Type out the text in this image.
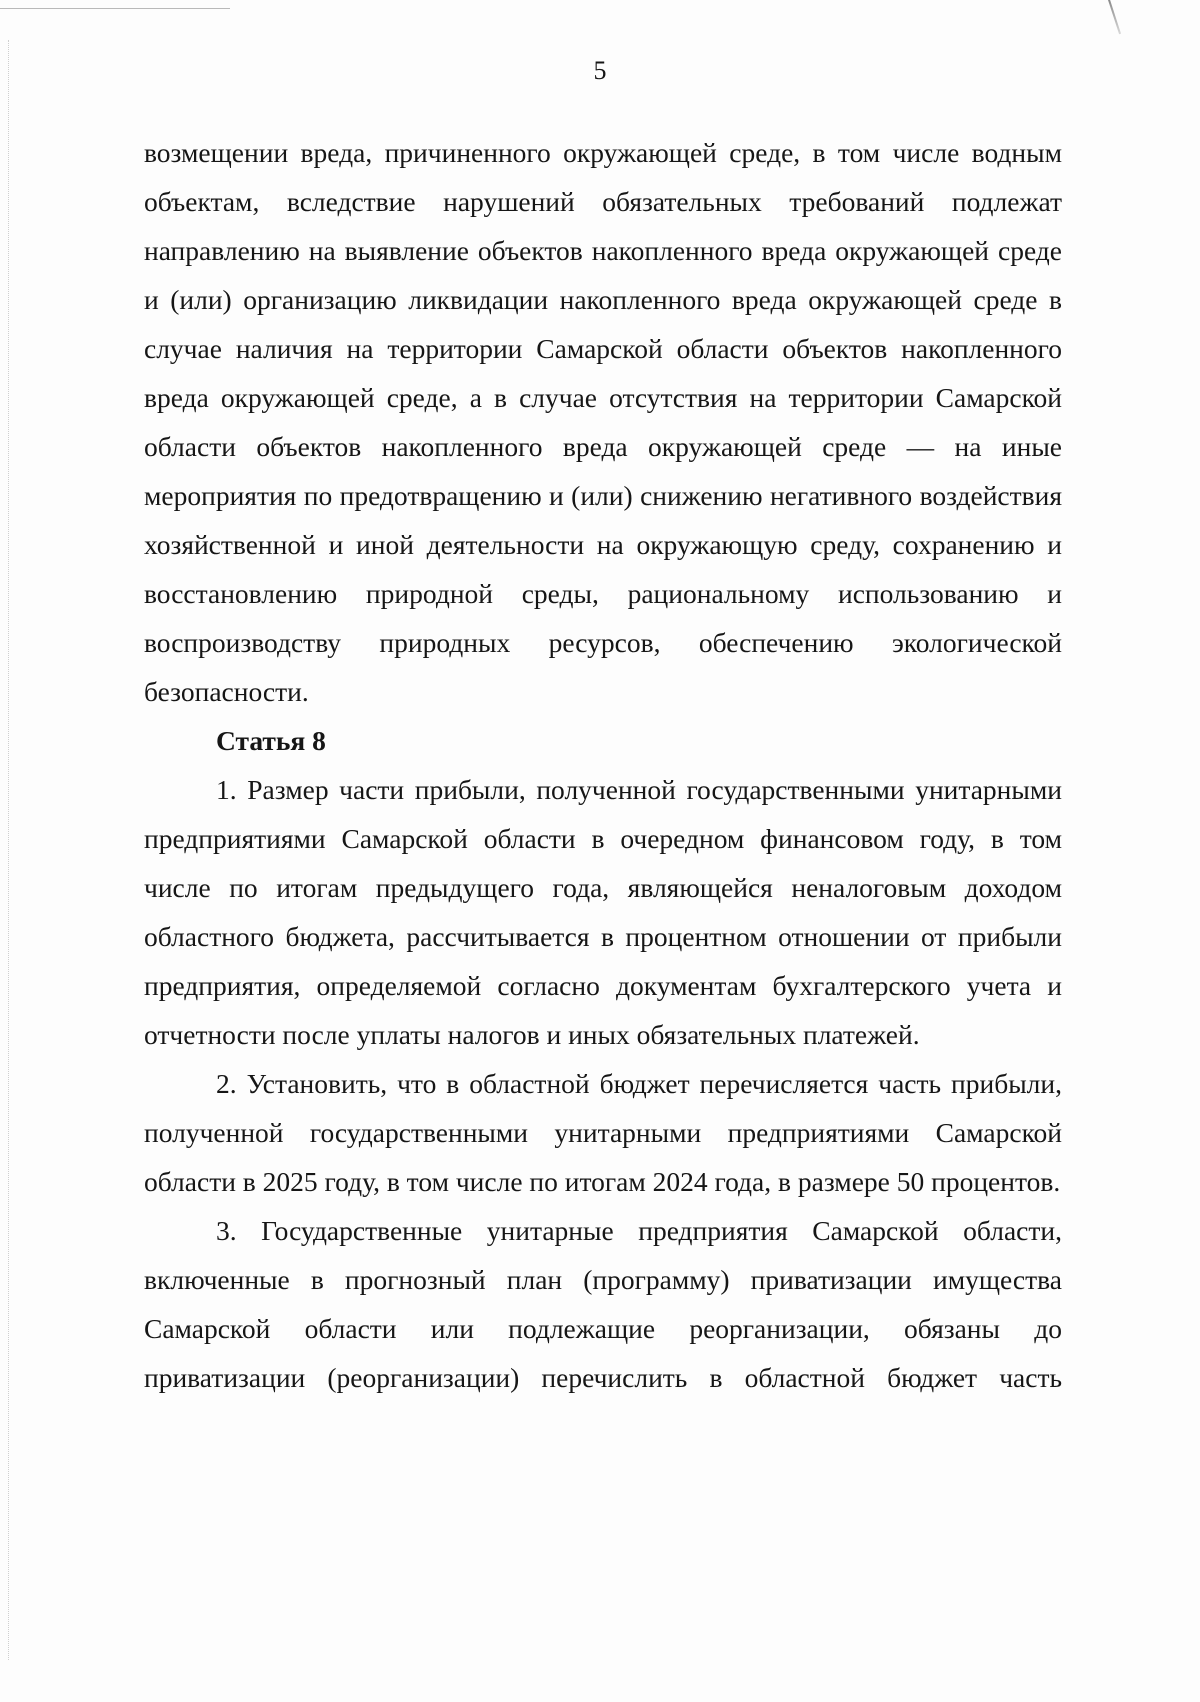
5

возмещении вреда, причиненного окружающей среде, в том числе водным объектам, вследствие нарушений обязательных требований подлежат направлению на выявление объектов накопленного вреда окружающей среде и (или) организацию ликвидации накопленного вреда окружающей среде в случае наличия на территории Самарской области объектов накопленного вреда окружающей среде, а в случае отсутствия на территории Самарской области объектов накопленного вреда окружающей среде — на иные мероприятия по предотвращению и (или) снижению негативного воздействия хозяйственной и иной деятельности на окружающую среду, сохранению и восстановлению природной среды, рациональному использованию и воспроизводству природных ресурсов, обеспечению экологической безопасности.

Статья 8

1. Размер части прибыли, полученной государственными унитарными предприятиями Самарской области в очередном финансовом году, в том числе по итогам предыдущего года, являющейся неналоговым доходом областного бюджета, рассчитывается в процентном отношении от прибыли предприятия, определяемой согласно документам бухгалтерского учета и отчетности после уплаты налогов и иных обязательных платежей.

2. Установить, что в областной бюджет перечисляется часть прибыли, полученной государственными унитарными предприятиями Самарской области в 2025 году, в том числе по итогам 2024 года, в размере 50 процентов.

3. Государственные унитарные предприятия Самарской области, включенные в прогнозный план (программу) приватизации имущества Самарской области или подлежащие реорганизации, обязаны до приватизации (реорганизации) перечислить в областной бюджет часть
